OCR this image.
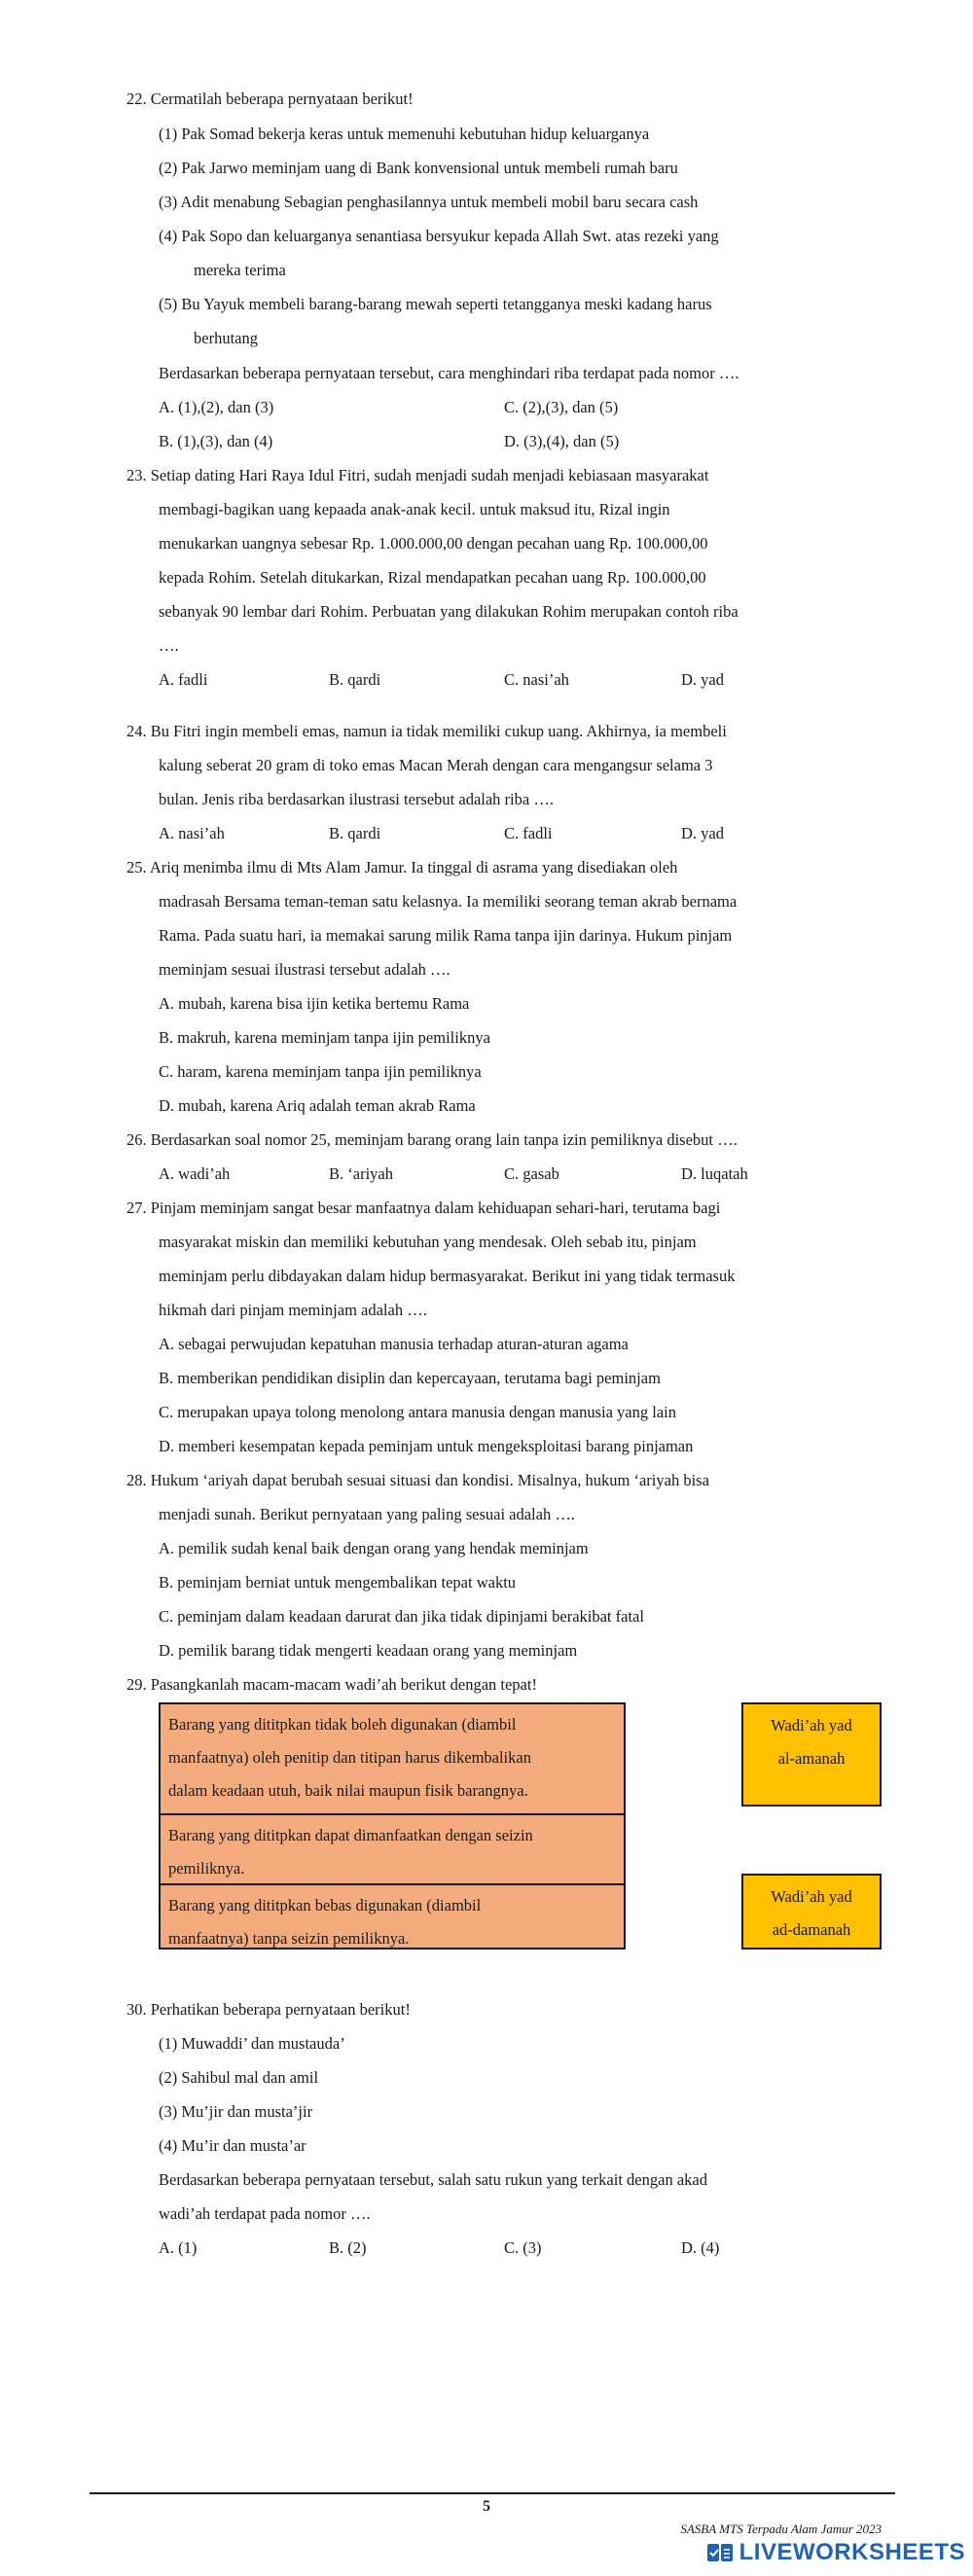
22. Cermatilah beberapa pernyataan berikut!
(1) Pak Somad bekerja keras untuk memenuhi kebutuhan hidup keluarganya
(2) Pak Jarwo meminjam uang di Bank konvensional untuk membeli rumah baru
(3) Adit menabung Sebagian penghasilannya untuk membeli mobil baru secara cash
(4) Pak Sopo dan keluarganya senantiasa bersyukur kepada Allah Swt. atas rezeki yang
mereka terima
(5) Bu Yayuk membeli barang-barang mewah seperti tetangganya meski kadang harus
berhutang
Berdasarkan beberapa pernyataan tersebut, cara menghindari riba terdapat pada nomor ….
A. (1),(2), dan (3)	C. (2),(3), dan (5)
B. (1),(3), dan (4)	D. (3),(4), dan (5)
23. Setiap dating Hari Raya Idul Fitri, sudah menjadi sudah menjadi kebiasaan masyarakat
membagi-bagikan uang kepaada anak-anak kecil. untuk maksud itu, Rizal ingin
menukarkan uangnya sebesar Rp. 1.000.000,00 dengan pecahan uang Rp. 100.000,00
kepada Rohim. Setelah ditukarkan, Rizal mendapatkan pecahan uang Rp. 100.000,00
sebanyak 90 lembar dari Rohim. Perbuatan yang dilakukan Rohim merupakan contoh riba
….
A. fadli	B. qardi	C. nasi’ah	D. yad
24. Bu Fitri ingin membeli emas, namun ia tidak memiliki cukup uang. Akhirnya, ia membeli
kalung seberat 20 gram di toko emas Macan Merah dengan cara mengangsur selama 3
bulan. Jenis riba berdasarkan ilustrasi tersebut adalah riba ….
A. nasi’ah	B. qardi	C. fadli	D. yad
25. Ariq menimba ilmu di Mts Alam Jamur. Ia tinggal di asrama yang disediakan oleh
madrasah Bersama teman-teman satu kelasnya. Ia memiliki seorang teman akrab bernama
Rama. Pada suatu hari, ia memakai sarung milik Rama tanpa ijin darinya. Hukum pinjam
meminjam sesuai ilustrasi tersebut adalah ….
A. mubah, karena bisa ijin ketika bertemu Rama
B. makruh, karena meminjam tanpa ijin pemiliknya
C. haram, karena meminjam tanpa ijin pemiliknya
D. mubah, karena Ariq adalah teman akrab Rama
26. Berdasarkan soal nomor 25, meminjam barang orang lain tanpa izin pemiliknya disebut ….
A. wadi’ah	B. ‘ariyah	C. gasab	D. luqatah
27. Pinjam meminjam sangat besar manfaatnya dalam kehiduapan sehari-hari, terutama bagi
masyarakat miskin dan memiliki kebutuhan yang mendesak. Oleh sebab itu, pinjam
meminjam perlu dibdayakan dalam hidup bermasyarakat. Berikut ini yang tidak termasuk
hikmah dari pinjam meminjam adalah ….
A. sebagai perwujudan kepatuhan manusia terhadap aturan-aturan agama
B. memberikan pendidikan disiplin dan kepercayaan, terutama bagi peminjam
C. merupakan upaya tolong menolong antara manusia dengan manusia yang lain
D. memberi kesempatan kepada peminjam untuk mengeksploitasi barang pinjaman
28. Hukum ‘ariyah dapat berubah sesuai situasi dan kondisi. Misalnya, hukum ‘ariyah bisa
menjadi sunah. Berikut pernyataan yang paling sesuai adalah ….
A. pemilik sudah kenal baik dengan orang yang hendak meminjam
B. peminjam berniat untuk mengembalikan tepat waktu
C. peminjam dalam keadaan darurat dan jika tidak dipinjami berakibat fatal
D. pemilik barang tidak mengerti keadaan orang yang meminjam
29. Pasangkanlah macam-macam wadi’ah berikut dengan tepat!
Barang yang dititpkan tidak boleh digunakan (diambil
manfaatnya) oleh penitip dan titipan harus dikembalikan
dalam keadaan utuh, baik nilai maupun fisik barangnya.
Barang yang dititpkan dapat dimanfaatkan dengan seizin
pemiliknya.
Barang yang dititpkan bebas digunakan (diambil
manfaatnya) tanpa seizin pemiliknya.
Wadi’ah yad
al-amanah
Wadi’ah yad
ad-damanah
30. Perhatikan beberapa pernyataan berikut!
(1) Muwaddi’ dan mustauda’
(2) Sahibul mal dan amil
(3) Mu’jir dan musta’jir
(4) Mu’ir dan musta’ar
Berdasarkan beberapa pernyataan tersebut, salah satu rukun yang terkait dengan akad
wadi’ah terdapat pada nomor ….
A. (1)	B. (2)	C. (3)	D. (4)
5
SASBA MTS Terpadu Alam Jamur 2023
LIVEWORKSHEETS
